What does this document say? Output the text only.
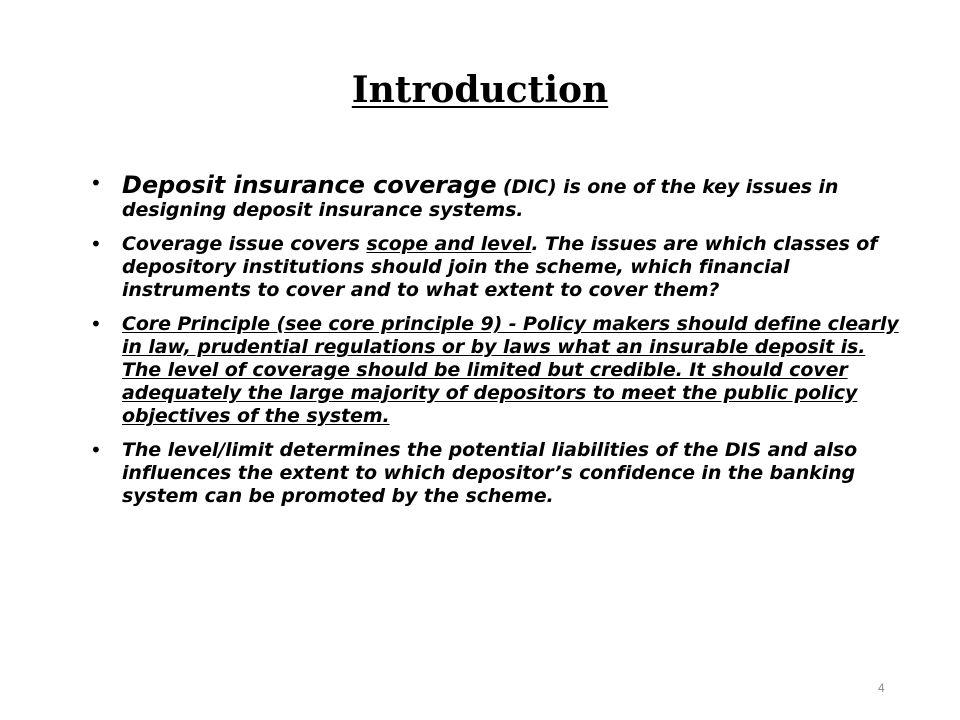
Introduction
• Deposit insurance coverage (DIC) is one of the key issues in designing deposit insurance systems.
• Coverage issue covers scope and level. The issues are which classes of depository institutions should join the scheme, which financial instruments to cover and to what extent to cover them?
• Core Principle (see core principle 9) - Policy makers should define clearly in law, prudential regulations or by laws what an insurable deposit is. The level of coverage should be limited but credible. It should cover adequately the large majority of depositors to meet the public policy objectives of the system.
• The level/limit determines the potential liabilities of the DIS and also influences the extent to which depositor’s confidence in the banking system can be promoted by the scheme.
4
